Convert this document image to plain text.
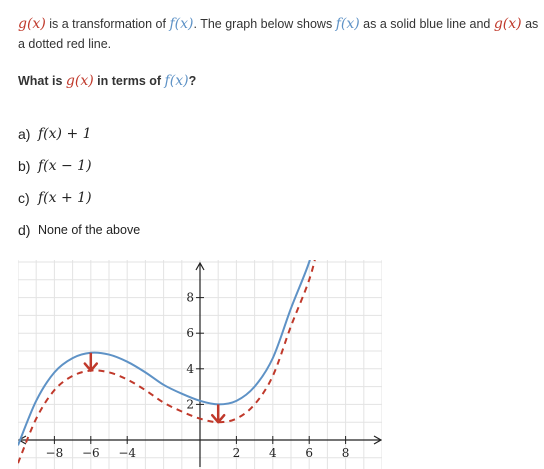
g(x) is a transformation of f(x). The graph below shows f(x) as a solid blue line and g(x) as
a dotted red line.
What is g(x) in terms of f(x)?
a) f(x) + 1
b) f(x − 1)
c) f(x + 1)
d) None of the above
−8 −6 −4	2 4 6 8
2
4
6
8
